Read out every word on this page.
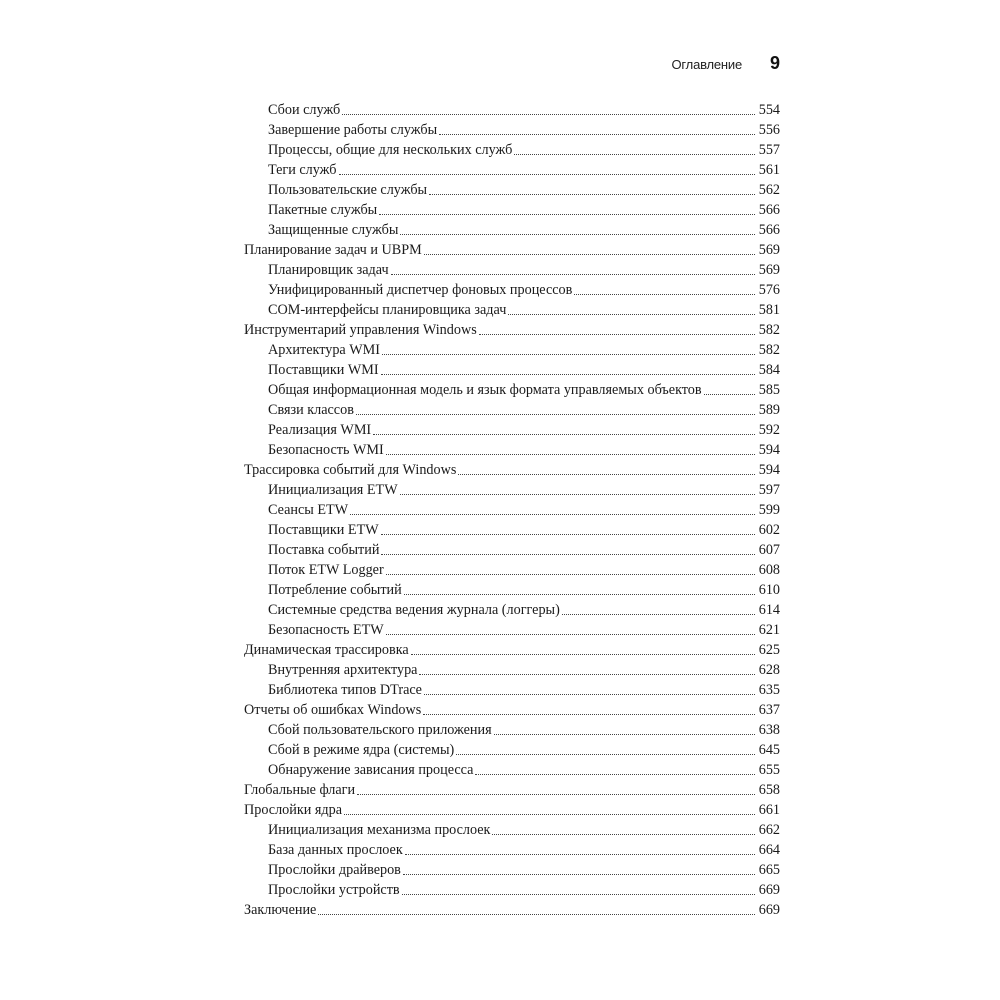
Оглавление 9
Сбои служб	554
Завершение работы службы	556
Процессы, общие для нескольких служб	557
Теги служб	561
Пользовательские службы	562
Пакетные службы	566
Защищенные службы	566
Планирование задач и UBPM	569
Планировщик задач	569
Унифицированный диспетчер фоновых процессов	576
COM-интерфейсы планировщика задач	581
Инструментарий управления Windows	582
Архитектура WMI	582
Поставщики WMI	584
Общая информационная модель и язык формата управляемых объектов	585
Связи классов	589
Реализация WMI	592
Безопасность WMI	594
Трассировка событий для Windows	594
Инициализация ETW	597
Сеансы ETW	599
Поставщики ETW	602
Поставка событий	607
Поток ETW Logger	608
Потребление событий	610
Системные средства ведения журнала (логгеры)	614
Безопасность ETW	621
Динамическая трассировка	625
Внутренняя архитектура	628
Библиотека типов DTrace	635
Отчеты об ошибках Windows	637
Сбой пользовательского приложения	638
Сбой в режиме ядра (системы)	645
Обнаружение зависания процесса	655
Глобальные флаги	658
Прослойки ядра	661
Инициализация механизма прослоек	662
База данных прослоек	664
Прослойки драйверов	665
Прослойки устройств	669
Заключение	669
